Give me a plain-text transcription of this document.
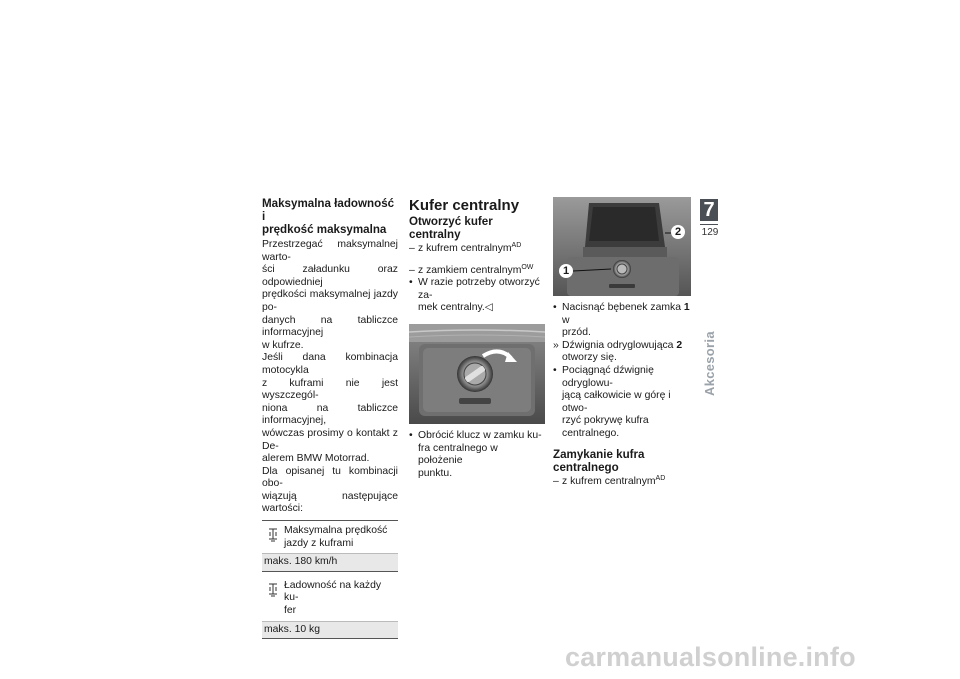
Maksymalna ładowność i
prędkość maksymalna

Przestrzegać maksymalnej warto-
ści załadunku oraz odpowiedniej
prędkości maksymalnej jazdy po-
danych na tabliczce informacyjnej
w kufrze.

Jeśli dana kombinacja motocykla
z kuframi nie jest wyszczegól-
niona na tabliczce informacyjnej,
wówczas prosimy o kontakt z De-
alerem BMW Motorrad.

Dla opisanej tu kombinacji obo-
wiązują następujące wartości:

Maksymalna prędkość
jazdy z kuframi
maks. 180 km/h
Ładowność na każdy ku-
fer
maks. 10 kg
Kufer centralny
Otworzyć kufer centralny

– z kufrem centralnym$^{AD}$

– z zamkiem centralnym$^{OW}$

• W razie potrzeby otworzyć za-
mek centralny.◁

• Obrócić klucz w zamku ku-
fra centralnego w położenie
punktu.

1
2

• Nacisnąć bębenek zamka 1 w
przód.

» Dźwignia odryglowująca 2
otworzy się.

• Pociągnąć dźwignię odryglowu-
jącą całkowicie w górę i otwo-
rzyć pokrywę kufra centralnego.

Zamykanie kufra
centralnego

– z kufrem centralnym$^{AD}$

7
129
Akcesoria
carmanualsonline.info
